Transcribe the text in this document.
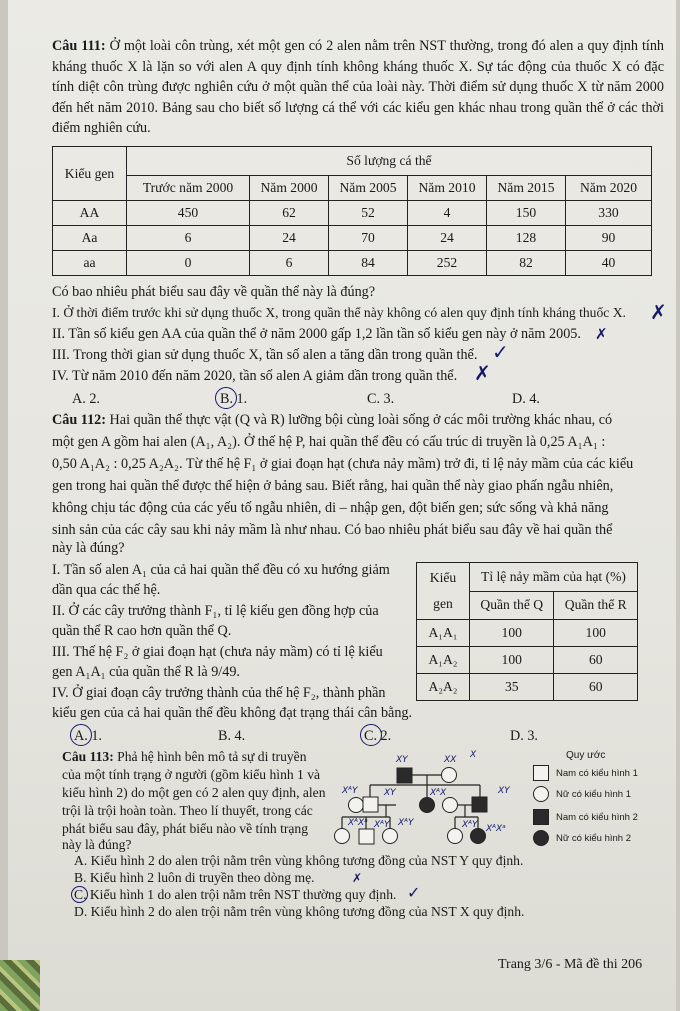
Câu 111: Ở một loài côn trùng, xét một gen có 2 alen nằm trên NST thường, trong đó alen a quy định tính kháng thuốc X là lặn so với alen A quy định tính không kháng thuốc X. Sự tác động của thuốc X có đặc tính diệt côn trùng được nghiên cứu ở một quần thể của loài này. Thời điểm sử dụng thuốc X từ năm 2000 đến hết năm 2010. Bảng sau cho biết số lượng cá thể với các kiểu gen khác nhau trong quần thể ở các thời điểm nghiên cứu.
Kiểu gen	Số lượng cá thể					
	Trước năm 2000	Năm 2000	Năm 2005	Năm 2010	Năm 2015	Năm 2020
AA	450	62	52	4	150	330
Aa	6	24	70	24	128	90
aa	0	6	84	252	82	40
Có bao nhiêu phát biểu sau đây về quần thể này là đúng?
I. Ở thời điểm trước khi sử dụng thuốc X, trong quần thể này không có alen quy định tính kháng thuốc X.
II. Tần số kiểu gen AA của quần thể ở năm 2000 gấp 1,2 lần tần số kiểu gen này ở năm 2005.
III. Trong thời gian sử dụng thuốc X, tần số alen a tăng dần trong quần thể.
IV. Từ năm 2010 đến năm 2020, tần số alen A giảm dần trong quần thể.
✗
✗
✓
✗
A. 2.	B. 1.	C. 3.	D. 4.
Câu 112: Hai quần thể thực vật (Q và R) lưỡng bội cùng loài sống ở các môi trường khác nhau, có
một gen A gồm hai alen (A₁, A₂). Ở thế hệ P, hai quần thể đều có cấu trúc di truyền là 0,25 A₁A₁ :
0,50 A₁A₂ : 0,25 A₂A₂. Từ thế hệ F₁ ở giai đoạn hạt (chưa nảy mầm) trở đi, tỉ lệ nảy mầm của các kiểu
gen trong hai quần thể được thể hiện ở bảng sau. Biết rằng, hai quần thể này giao phấn ngẫu nhiên,
không chịu tác động của các yếu tố ngẫu nhiên, di – nhập gen, đột biến gen; sức sống và khả năng
sinh sản của các cây sau khi nảy mầm là như nhau. Có bao nhiêu phát biểu sau đây về hai quần thể
này là đúng?
I. Tần số alen A₁ của cả hai quần thể đều có xu hướng giảm
dần qua các thế hệ.
II. Ở các cây trưởng thành F₁, tỉ lệ kiểu gen đồng hợp của
quần thể R cao hơn quần thể Q.
III. Thế hệ F₂ ở giai đoạn hạt (chưa nảy mầm) có tỉ lệ kiểu
gen A₁A₁ của quần thể R là 9/49.
IV. Ở giai đoạn cây trưởng thành của thế hệ F₂, thành phần
kiểu gen của cả hai quần thể đều không đạt trạng thái cân bằng.
Kiểu
gen	Tỉ lệ nảy mầm của hạt (%)	
	Quần thể Q	Quần thể R
A₁A₁	100	100
A₁A₂	100	60
A₂A₂	35	60
A. 1.	B. 4.	C. 2.	D. 3.
Câu 113: Phả hệ hình bên mô tả sự di truyền
của một tính trạng ở người (gồm kiểu hình 1 và
kiểu hình 2) do một gen có 2 alen quy định, alen
trội là trội hoàn toàn. Theo lí thuyết, trong các
phát biểu sau đây, phát biểu nào về tính trạng
này là đúng?
XY	XX
XᴬY	XY	XᴬX	XY
XᴬXᵃ XᴬY XᴬY	XᴬY XᴬXᵃ
X	Quy ước
Nam có kiểu hình 1
Nữ có kiểu hình 1
Nam có kiểu hình 2
Nữ có kiểu hình 2
A. Kiểu hình 2 do alen trội nằm trên vùng không tương đồng của NST Y quy định.
B. Kiểu hình 2 luôn di truyền theo dòng mẹ.	✗
C. Kiểu hình 1 do alen trội nằm trên NST thường quy định. ✓
D. Kiểu hình 2 do alen trội nằm trên vùng không tương đồng của NST X quy định.
Trang 3/6 - Mã đề thi 206
